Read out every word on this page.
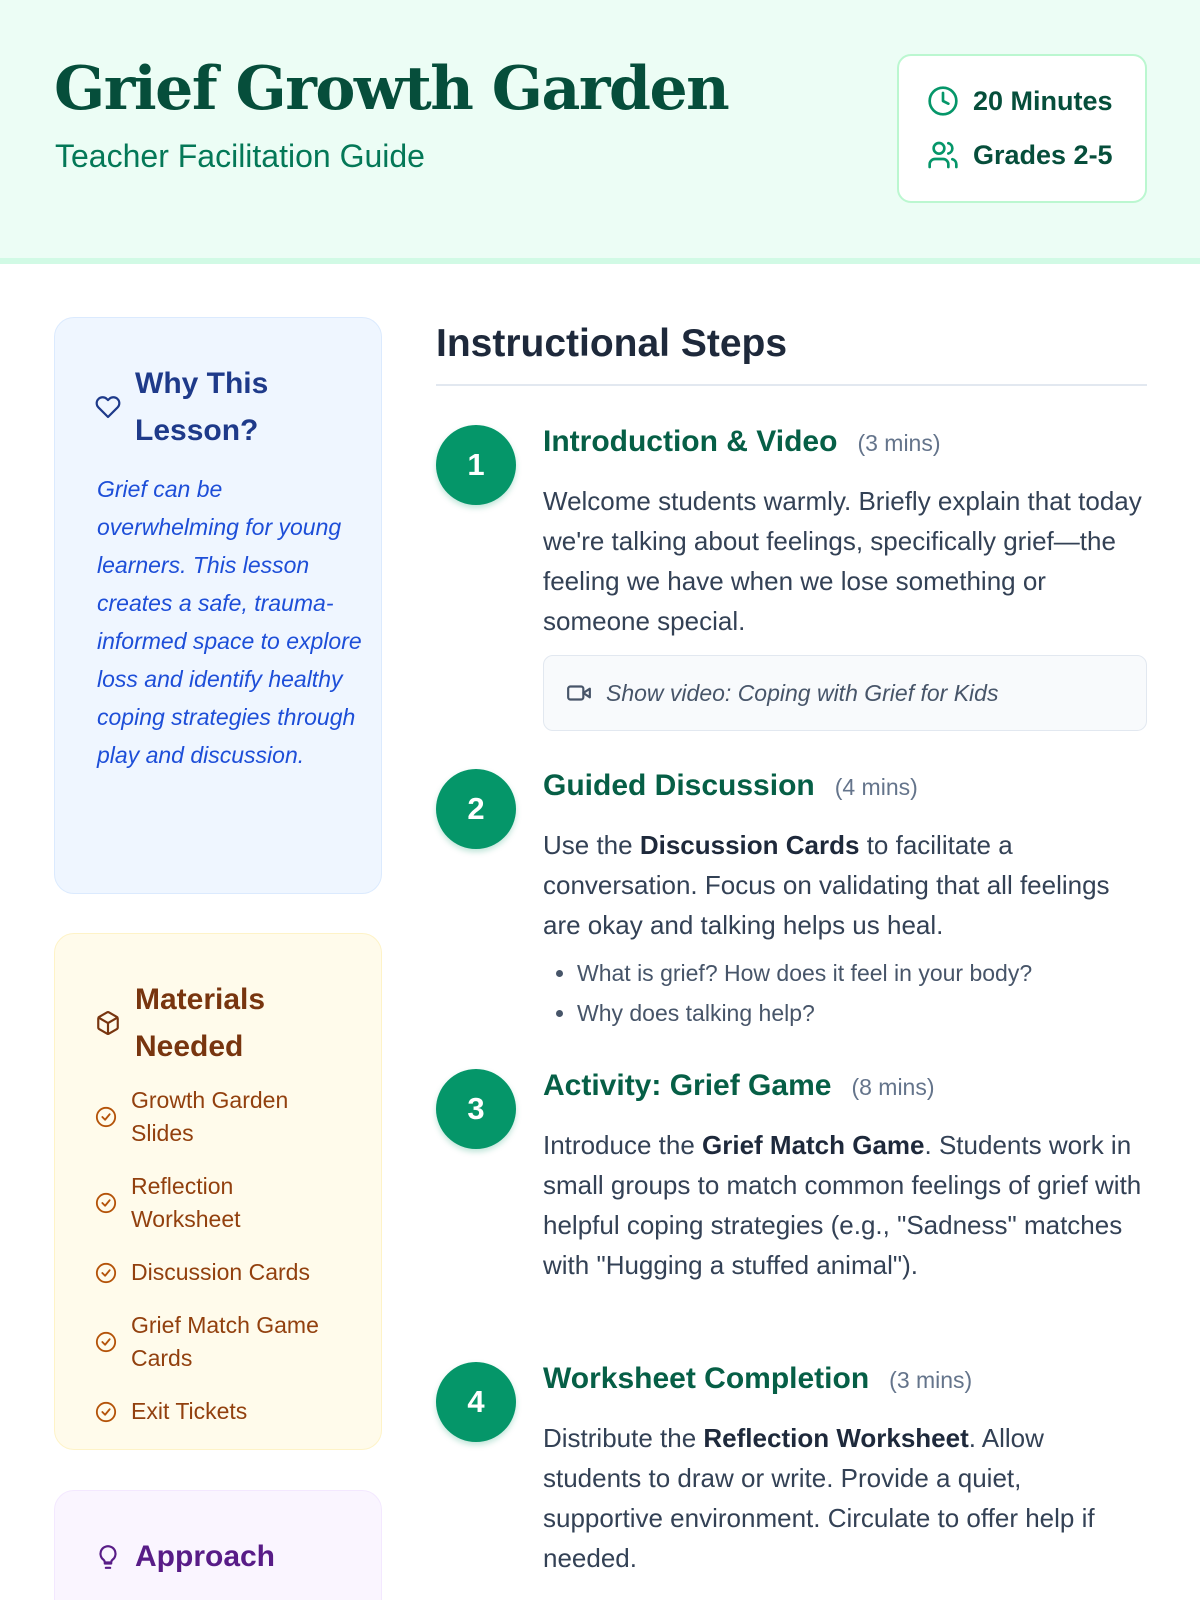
Grief Growth Garden
Teacher Facilitation Guide
20 Minutes
Grades 2-5
Why This Lesson?

Grief can be overwhelming for young learners. This lesson creates a safe, trauma-informed space to explore loss and identify healthy coping strategies through play and discussion.

Materials Needed
Growth Garden Slides
Reflection Worksheet
Discussion Cards
Grief Match Game Cards
Exit Tickets
Approach
Instructional Steps
1
Introduction & Video (3 mins)

Welcome students warmly. Briefly explain that today we're talking about feelings, specifically grief—the feeling we have when we lose something or someone special.

Show video: Coping with Grief for Kids
2
Guided Discussion (4 mins)

Use the Discussion Cards to facilitate a conversation. Focus on validating that all feelings are okay and talking helps us heal.

• What is grief? How does it feel in your body?
• Why does talking help?
3
Activity: Grief Game (8 mins)

Introduce the Grief Match Game. Students work in small groups to match common feelings of grief with helpful coping strategies (e.g., "Sadness" matches with "Hugging a stuffed animal").

4
Worksheet Completion (3 mins)

Distribute the Reflection Worksheet. Allow students to draw or write. Provide a quiet, supportive environment. Circulate to offer help if needed.
